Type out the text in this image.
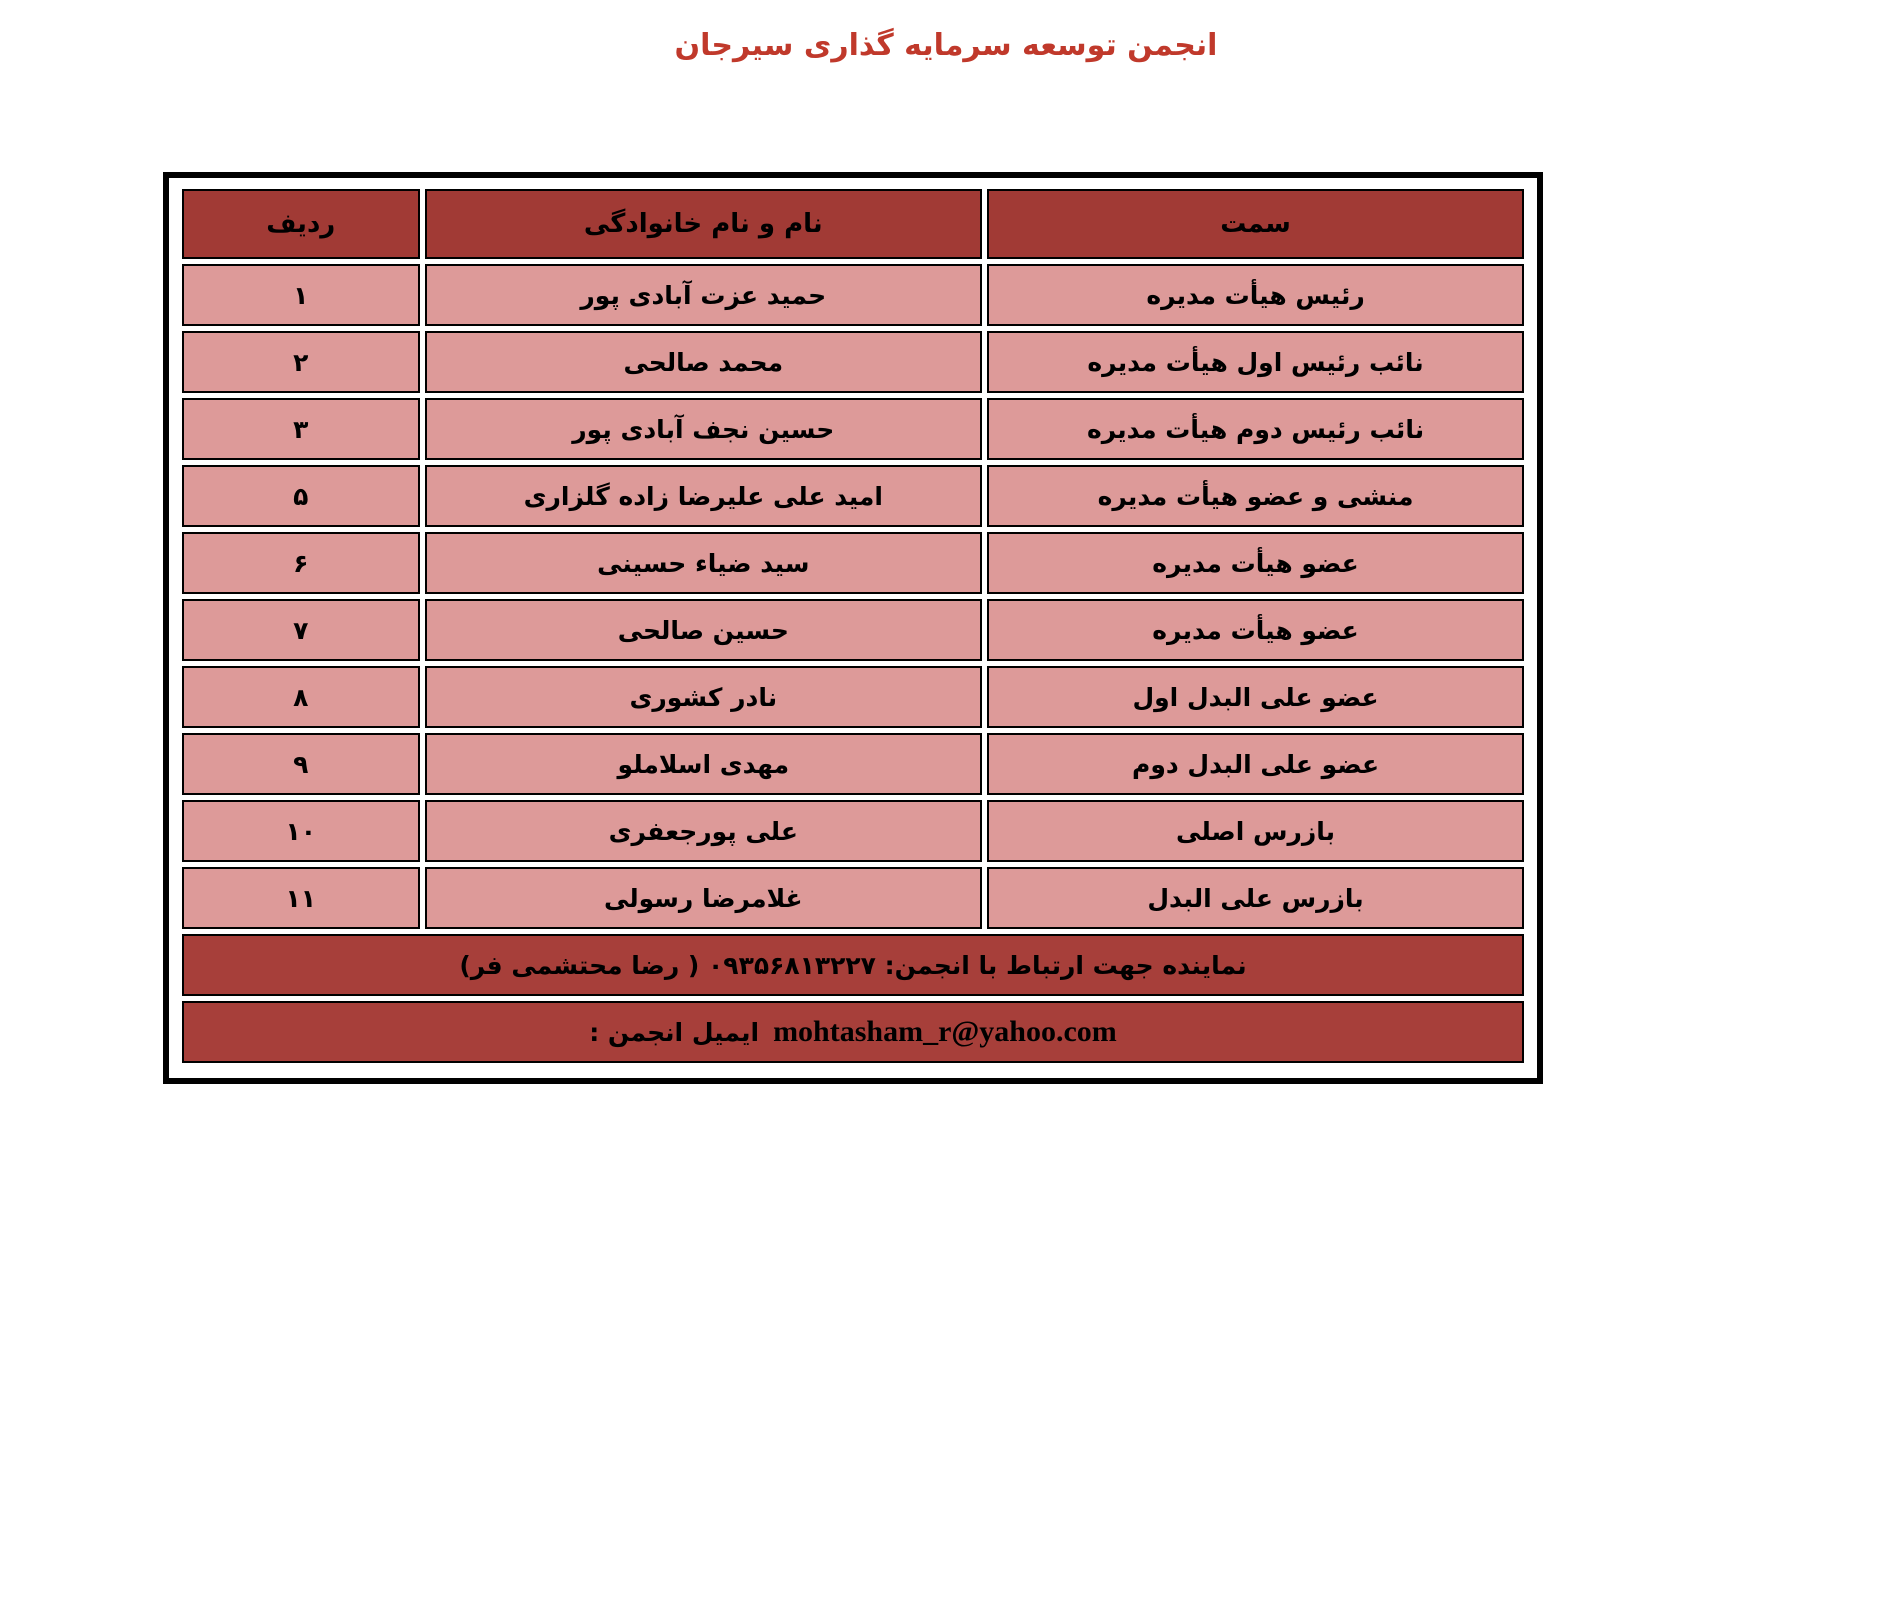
انجمن توسعه سرمایه گذاری سیرجان
سمت	نام و نام خانوادگی	ردیف
رئیس هیأت مدیره	حمید عزت آبادی پور	۱
نائب رئیس اول هیأت مدیره	محمد صالحی	۲
نائب رئیس دوم هیأت مدیره	حسین نجف آبادی پور	۳
منشی و عضو هیأت مدیره	امید علی علیرضا زاده گلزاری	۵
عضو هیأت مدیره	سید ضیاء حسینی	۶
عضو هیأت مدیره	حسین صالحی	۷
عضو علی البدل اول	نادر کشوری	۸
عضو علی البدل دوم	مهدی اسلاملو	۹
بازرس اصلی	علی پورجعفری	۱۰
بازرس علی البدل	غلامرضا رسولی	۱۱
نماینده جهت ارتباط با انجمن: ۰۹۳۵۶۸۱۳۲۲۷ ( رضا محتشمی فر)		
mohtasham_r@yahoo.comایمیل انجمن :		
